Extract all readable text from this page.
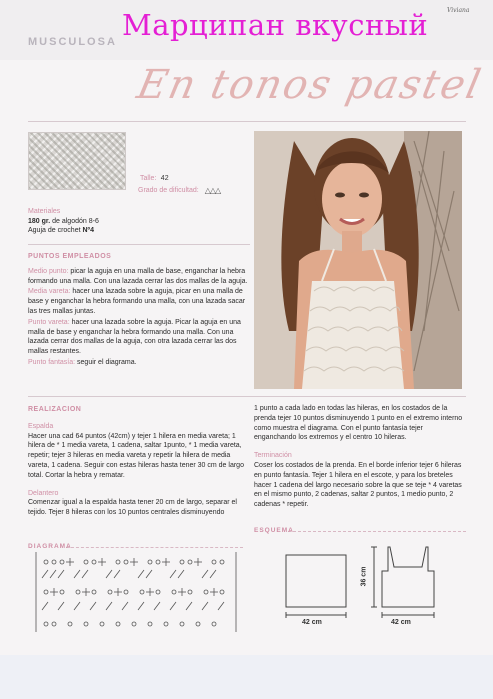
MUSCULOSA Марципан вкусный	Viviana
En tonos pastel
Talle: 42
Grado de dificultad: △△△

Materiales

180 gr. de algodón 8-6

Aguja de crochet Nº4

PUNTOS EMPLEADOS

Medio punto: picar la aguja en una malla de base, enganchar la hebra formando una malla. Con una lazada cerrar las dos mallas de la aguja.

Media vareta: hacer una lazada sobre la aguja, picar en una malla de base y enganchar la hebra formando una malla, con una lazada sacar las tres mallas juntas.

Punto vareta: hacer una lazada sobre la aguja. Picar la aguja en una malla de base y enganchar la hebra formando una malla. Con una lazada cerrar dos mallas de la aguja, con otra lazada cerrar las dos mallas restantes.

Punto fantasía: seguir el diagrama.

REALIZACION

Espalda

Hacer una cad 64 puntos (42cm) y tejer 1 hilera en media vareta; 1 hilera de * 1 media vareta, 1 cadena, saltar 1punto, * 1 media vareta, repetir; tejer 3 hileras en media vareta y repetir la hilera de media vareta, 1 cadena. Seguir con estas hileras hasta tener 30 cm de largo total. Cortar la hebra y rematar.

Delantero

Comenzar igual a la espalda hasta tener 20 cm de largo, separar el tejido. Tejer 8 hileras con los 10 puntos centrales disminuyendo

1 punto a cada lado en todas las hileras, en los costados de la prenda tejer 10 puntos disminuyendo 1 punto en el extremo interno como muestra el diagrama. Con el punto fantasía tejer enganchando los extremos y el centro 10 hileras.

Terminación

Coser los costados de la prenda. En el borde inferior tejer 6 hileras en punto fantasía. Tejer 1 hilera en el escote, y para los breteles hacer 1 cadena del largo necesario sobre la que se teje * 4 varetas en el mismo punto, 2 cadenas, saltar 2 puntos, 1 medio punto, 2 cadenas * repetir.

DIAGRAMA
ESQUEMA
42 cm	42 cm
36 cm
